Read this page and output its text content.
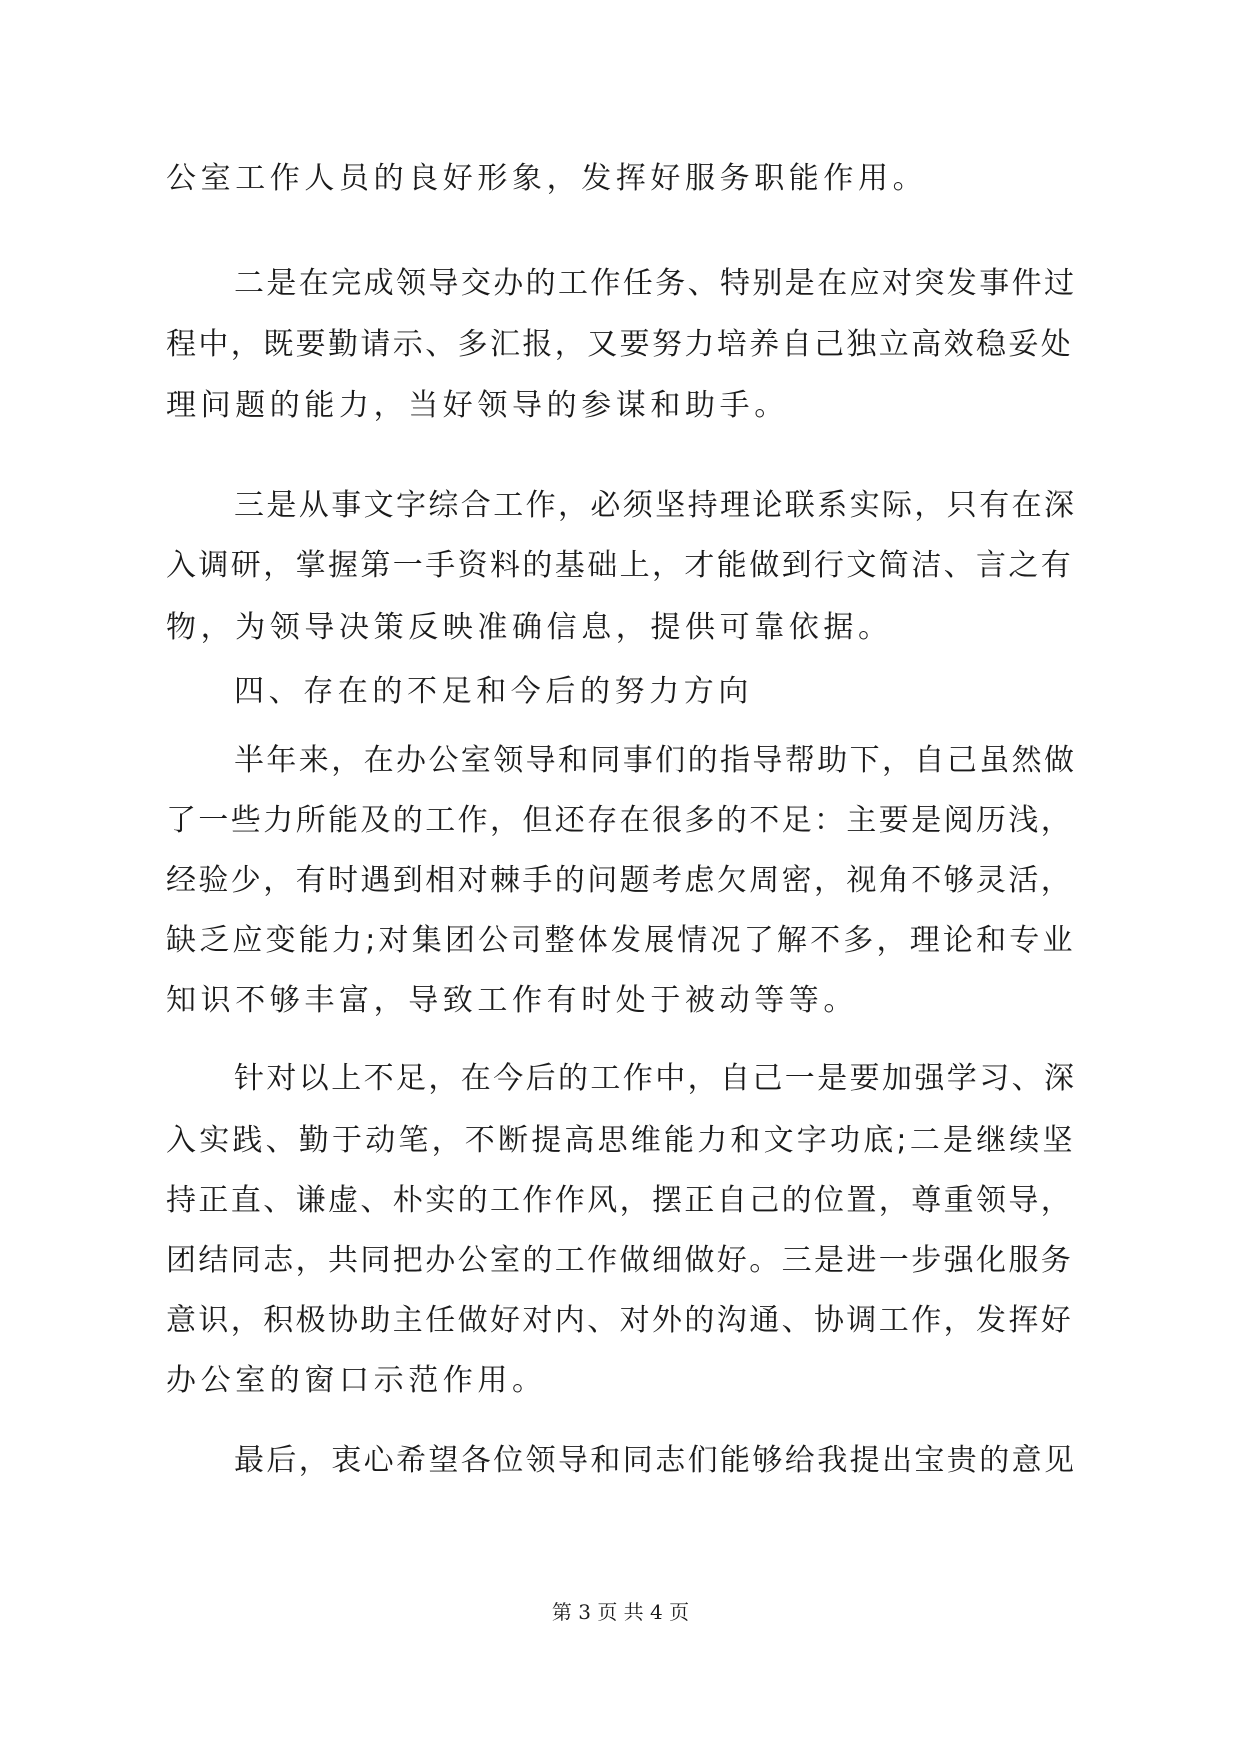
公室工作人员的良好形象，发挥好服务职能作用。
二是在完成领导交办的工作任务、特别是在应对突发事件过
程中，既要勤请示、多汇报，又要努力培养自己独立高效稳妥处
理问题的能力，当好领导的参谋和助手。
三是从事文字综合工作，必须坚持理论联系实际，只有在深
入调研，掌握第一手资料的基础上，才能做到行文简洁、言之有
物，为领导决策反映准确信息，提供可靠依据。
四、存在的不足和今后的努力方向
半年来，在办公室领导和同事们的指导帮助下，自己虽然做
了一些力所能及的工作，但还存在很多的不足：主要是阅历浅，
经验少，有时遇到相对棘手的问题考虑欠周密，视角不够灵活，
缺乏应变能力;对集团公司整体发展情况了解不多，理论和专业
知识不够丰富，导致工作有时处于被动等等。
针对以上不足，在今后的工作中，自己一是要加强学习、深
入实践、勤于动笔，不断提高思维能力和文字功底;二是继续坚
持正直、谦虚、朴实的工作作风，摆正自己的位置，尊重领导，
团结同志，共同把办公室的工作做细做好。三是进一步强化服务
意识，积极协助主任做好对内、对外的沟通、协调工作，发挥好
办公室的窗口示范作用。
最后，衷心希望各位领导和同志们能够给我提出宝贵的意见
第 3 页 共 4 页
